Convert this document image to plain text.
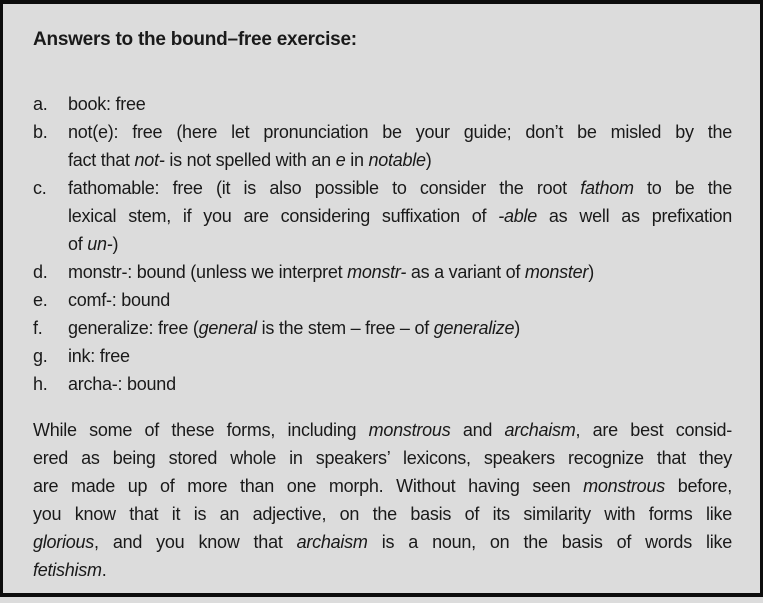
Answers to the bound–free exercise:
a.	book: free
b.	not(e): free (here let pronunciation be your guide; don’t be misled by the
fact that not- is not spelled with an e in notable)
c.	fathomable: free (it is also possible to consider the root fathom to be the
lexical stem, if you are considering suffixation of -able as well as prefixation
of un-)
d.	monstr-: bound (unless we interpret monstr- as a variant of monster)
e.	comf-: bound
f.	generalize: free (general is the stem – free – of generalize)
g.	ink: free
h.	archa-: bound
While some of these forms, including monstrous and archaism, are best consid-
ered as being stored whole in speakers’ lexicons, speakers recognize that they
are made up of more than one morph. Without having seen monstrous before,
you know that it is an adjective, on the basis of its similarity with forms like
glorious, and you know that archaism is a noun, on the basis of words like
fetishism.
